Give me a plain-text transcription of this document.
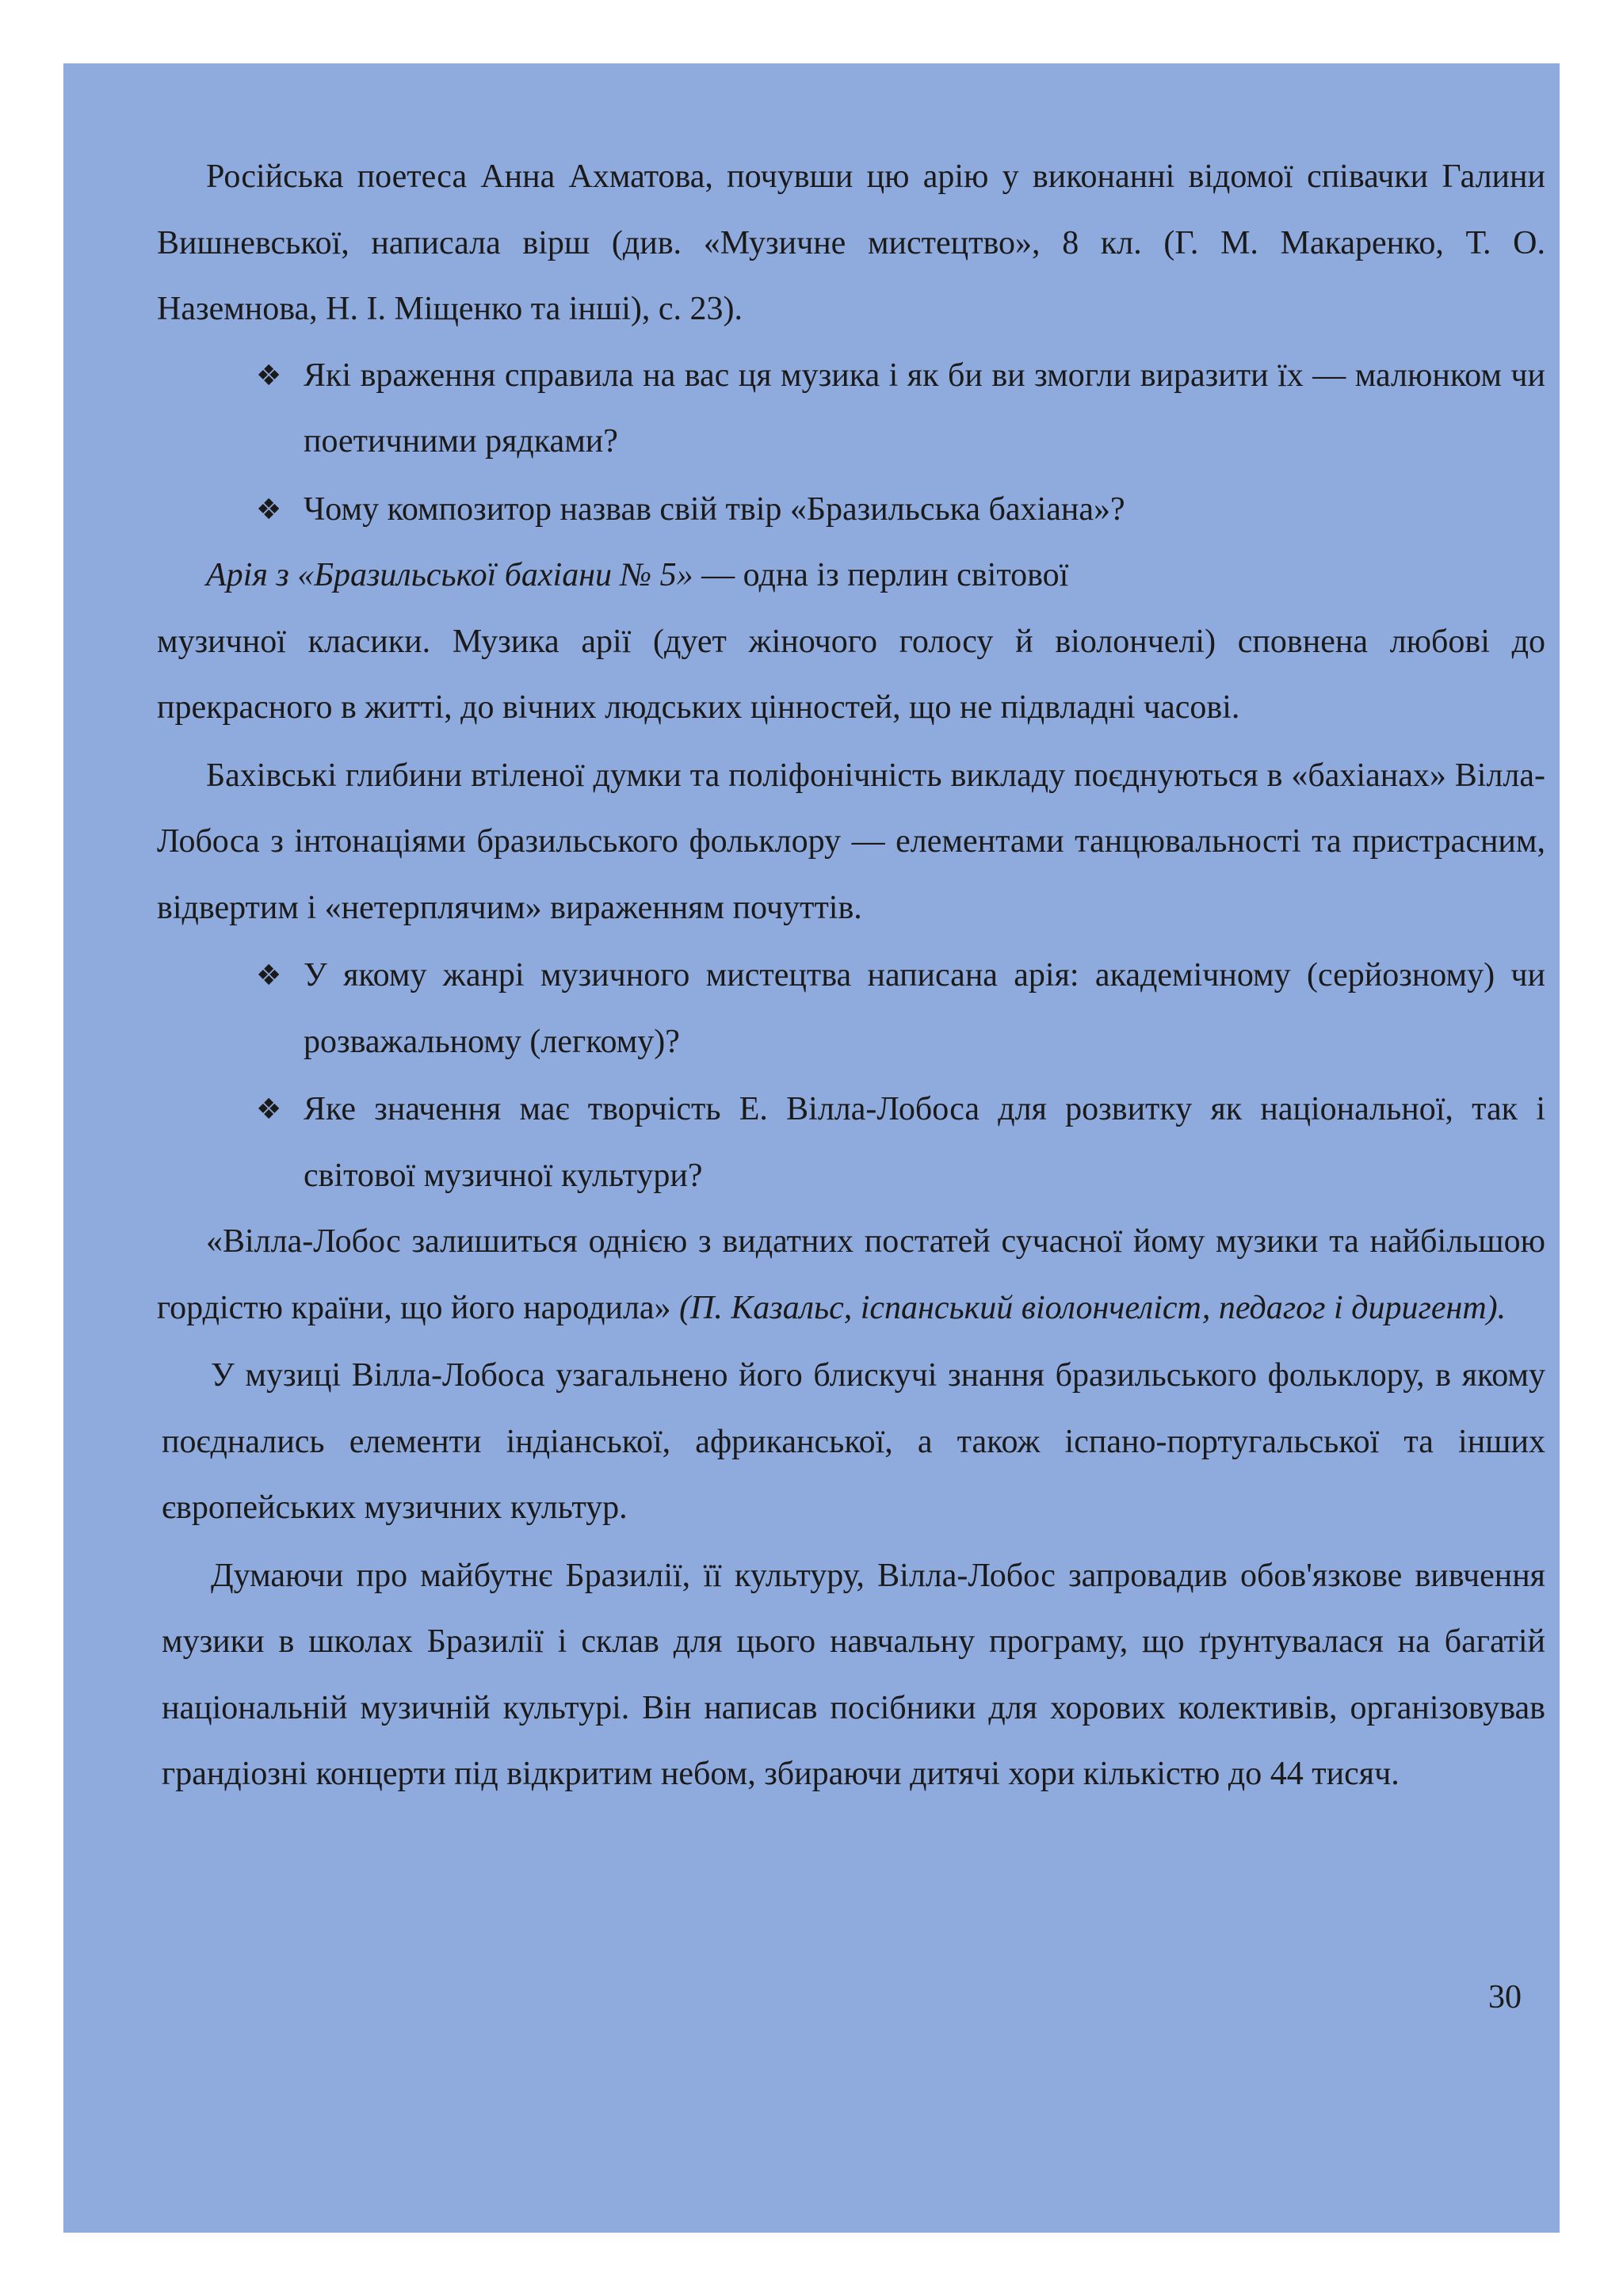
Російська поетеса Анна Ахматова, почувши цю арію у виконанні відомої співачки Галини Вишневської, написала вірш (див. «Музичне мистецтво», 8 кл. (Г. М. Макаренко, Т. О. Наземнова, Н. І. Міщенко та інші), с. 23).

❖ Які враження справила на вас ця музика і як би ви змогли виразити їх — малюнком чи поетичними рядками?

❖ Чому композитор назвав свій твір «Бразильська бахіана»?

Арія з «Бразильської бахіани № 5» — одна із перлин світової
музичної класики. Музика арії (дует жіночого голосу й віолончелі) сповнена любові до прекрасного в житті, до вічних людських цінностей, що не підвладні часові.

Бахівські глибини втіленої думки та поліфонічність викладу поєднуються в «бахіанах» Вілла-Лобоса з інтонаціями бразильського фольклору — елементами танцювальності та пристрасним, відвертим і «нетерплячим» вираженням почуттів.

❖ У якому жанрі музичного мистецтва написана арія: академічному (серйозному) чи розважальному (легкому)?

❖ Яке значення має творчість Е. Вілла-Лобоса для розвитку як національної, так і світової музичної культури?

«Вілла-Лобос залишиться однією з видатних постатей сучасної йому музики та найбільшою гордістю країни, що його народила» (П. Казальс, іспанський віолончеліст, педагог і диригент).

У музиці Вілла-Лобоса узагальнено його блискучі знання бразильського фольклору, в якому поєднались елементи індіанської, африканської, а також іспано-португальської та інших європейських музичних культур.

Думаючи про майбутнє Бразилії, її культуру, Вілла-Лобос запровадив обов'язкове вивчення музики в школах Бразилії і склав для цього навчальну програму, що ґрунтувалася на багатій національній музичній культурі. Він написав посібники для хорових колективів, організовував грандіозні концерти під відкритим небом, збираючи дитячі хори кількістю до 44 тисяч.

30
